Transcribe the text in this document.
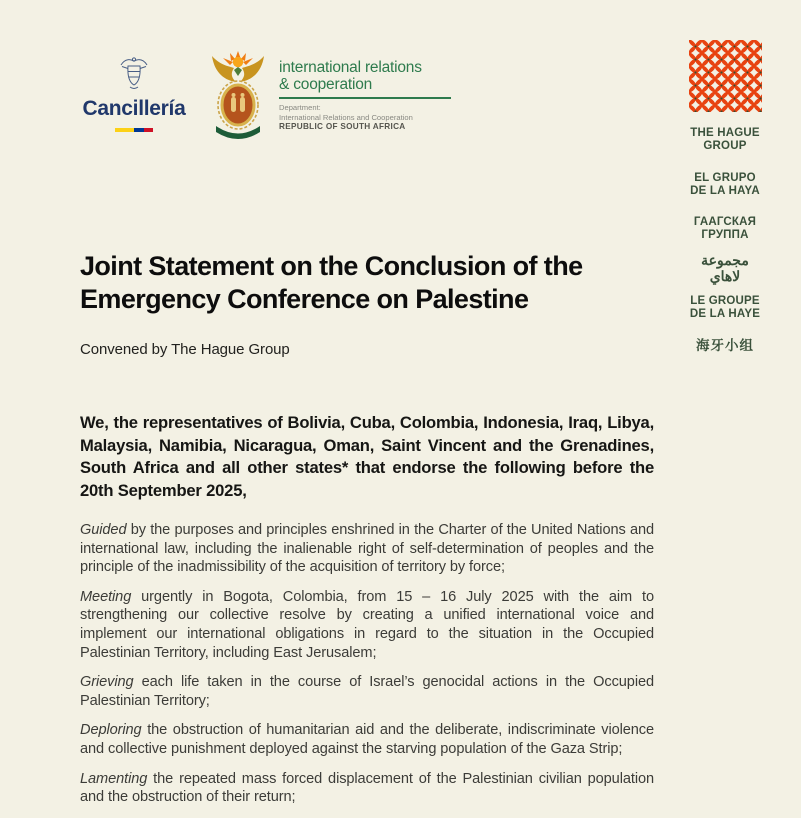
Cancillería
international relations
& cooperation
Department:
International Relations and Cooperation
REPUBLIC OF SOUTH AFRICA
THE HAGUE
GROUP
EL GRUPO
DE LA HAYA
ГААГСКАЯ
ГРУППА
مجموعة
لاهاي
LE GROUPE
DE LA HAYE
海牙小组
Joint Statement on the Conclusion of the
Emergency Conference on Palestine
Convened by The Hague Group
We, the representatives of Bolivia, Cuba, Colombia, Indonesia, Iraq, Libya, Malaysia, Namibia, Nicaragua, Oman, Saint Vincent and the Grenadines, South Africa and all other states* that endorse the following before the 20th September 2025,

Guided by the purposes and principles enshrined in the Charter of the United Nations and international law, including the inalienable right of self-determination of peoples and the principle of the inadmissibility of the acquisition of territory by force;

Meeting urgently in Bogota, Colombia, from 15 – 16 July 2025 with the aim to strengthening our collective resolve by creating a unified international voice and implement our international obligations in regard to the situation in the Occupied Palestinian Territory, including East Jerusalem;

Grieving each life taken in the course of Israel’s genocidal actions in the Occupied Palestinian Territory;

Deploring the obstruction of humanitarian aid and the deliberate, indiscriminate violence and collective punishment deployed against the starving population of the Gaza Strip;

Lamenting the repeated mass forced displacement of the Palestinian civilian population and the obstruction of their return;
